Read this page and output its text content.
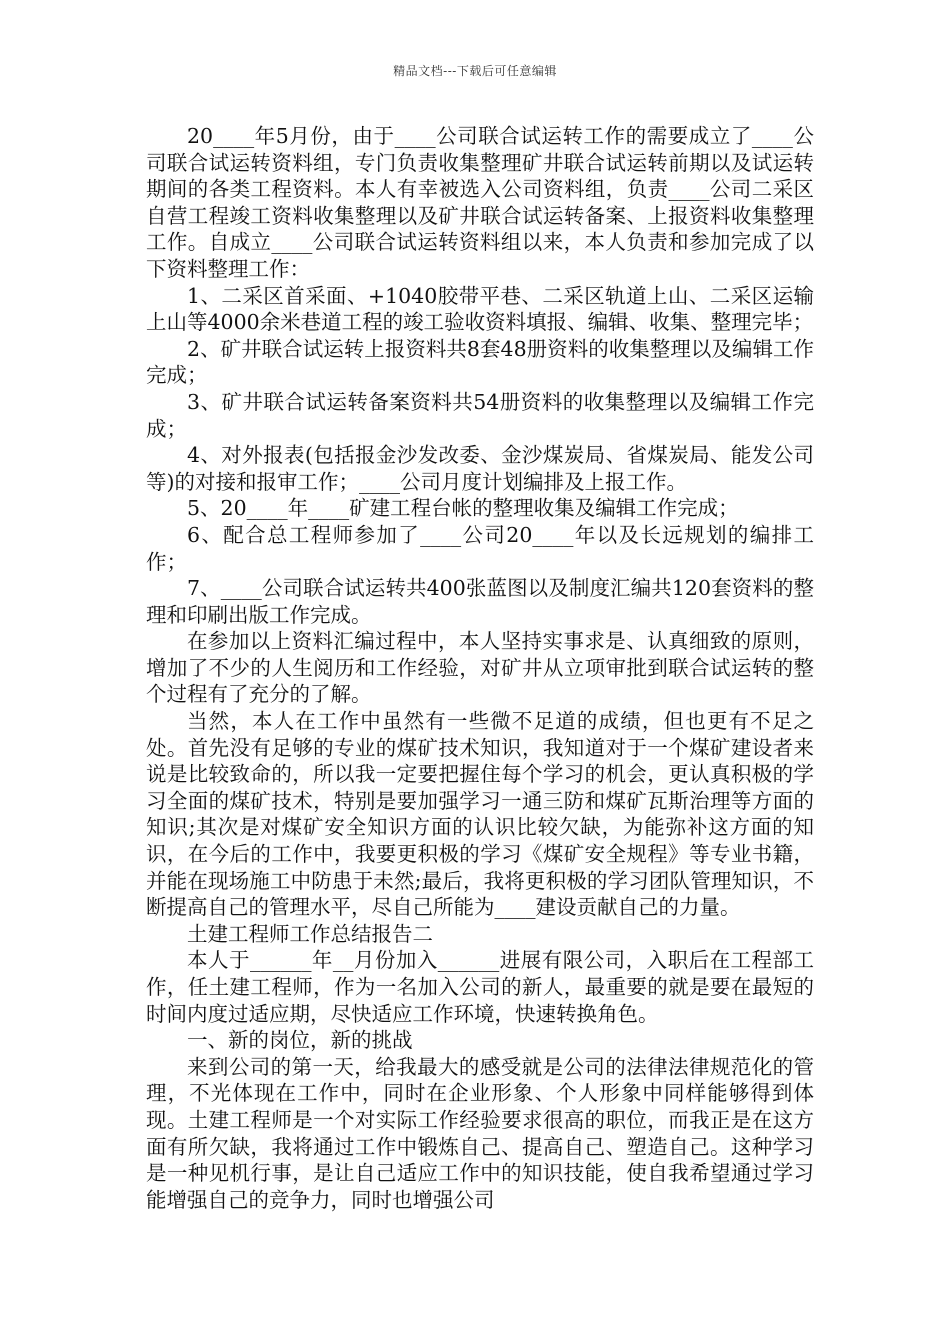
精品文档---下载后可任意编辑

20____年5月份，由于____公司联合试运转工作的需要成立了____公司联合试运转资料组，专门负责收集整理矿井联合试运转前期以及试运转期间的各类工程资料。本人有幸被选入公司资料组，负责____公司二采区自营工程竣工资料收集整理以及矿井联合试运转备案、上报资料收集整理工作。自成立____公司联合试运转资料组以来，本人负责和参加完成了以下资料整理工作：

1、二采区首采面、+1040胶带平巷、二采区轨道上山、二采区运输上山等4000余米巷道工程的竣工验收资料填报、编辑、收集、整理完毕；

2、矿井联合试运转上报资料共8套48册资料的收集整理以及编辑工作完成；

3、矿井联合试运转备案资料共54册资料的收集整理以及编辑工作完成；

4、对外报表(包括报金沙发改委、金沙煤炭局、省煤炭局、能发公司等)的对接和报审工作；____公司月度计划编排及上报工作。

5、20____年____矿建工程台帐的整理收集及编辑工作完成；

6、配合总工程师参加了____公司20____年以及长远规划的编排工作；

7、____公司联合试运转共400张蓝图以及制度汇编共120套资料的整理和印刷出版工作完成。

在参加以上资料汇编过程中，本人坚持实事求是、认真细致的原则，增加了不少的人生阅历和工作经验，对矿井从立项审批到联合试运转的整个过程有了充分的了解。

当然，本人在工作中虽然有一些微不足道的成绩，但也更有不足之处。首先没有足够的专业的煤矿技术知识，我知道对于一个煤矿建设者来说是比较致命的，所以我一定要把握住每个学习的机会，更认真积极的学习全面的煤矿技术，特别是要加强学习一通三防和煤矿瓦斯治理等方面的知识;其次是对煤矿安全知识方面的认识比较欠缺，为能弥补这方面的知识，在今后的工作中，我要更积极的学习《煤矿安全规程》等专业书籍，并能在现场施工中防患于未然;最后，我将更积极的学习团队管理知识，不断提高自己的管理水平，尽自己所能为____建设贡献自己的力量。

土建工程师工作总结报告二

本人于______年__月份加入______进展有限公司，入职后在工程部工作，任土建工程师，作为一名加入公司的新人，最重要的就是要在最短的时间内度过适应期，尽快适应工作环境，快速转换角色。

一、新的岗位，新的挑战

来到公司的第一天，给我最大的感受就是公司的法律法律规范化的管理，不光体现在工作中，同时在企业形象、个人形象中同样能够得到体现。土建工程师是一个对实际工作经验要求很高的职位，而我正是在这方面有所欠缺，我将通过工作中锻炼自己、提高自己、塑造自己。这种学习是一种见机行事，是让自己适应工作中的知识技能，使自我希望通过学习能增强自己的竞争力，同时也增强公司
